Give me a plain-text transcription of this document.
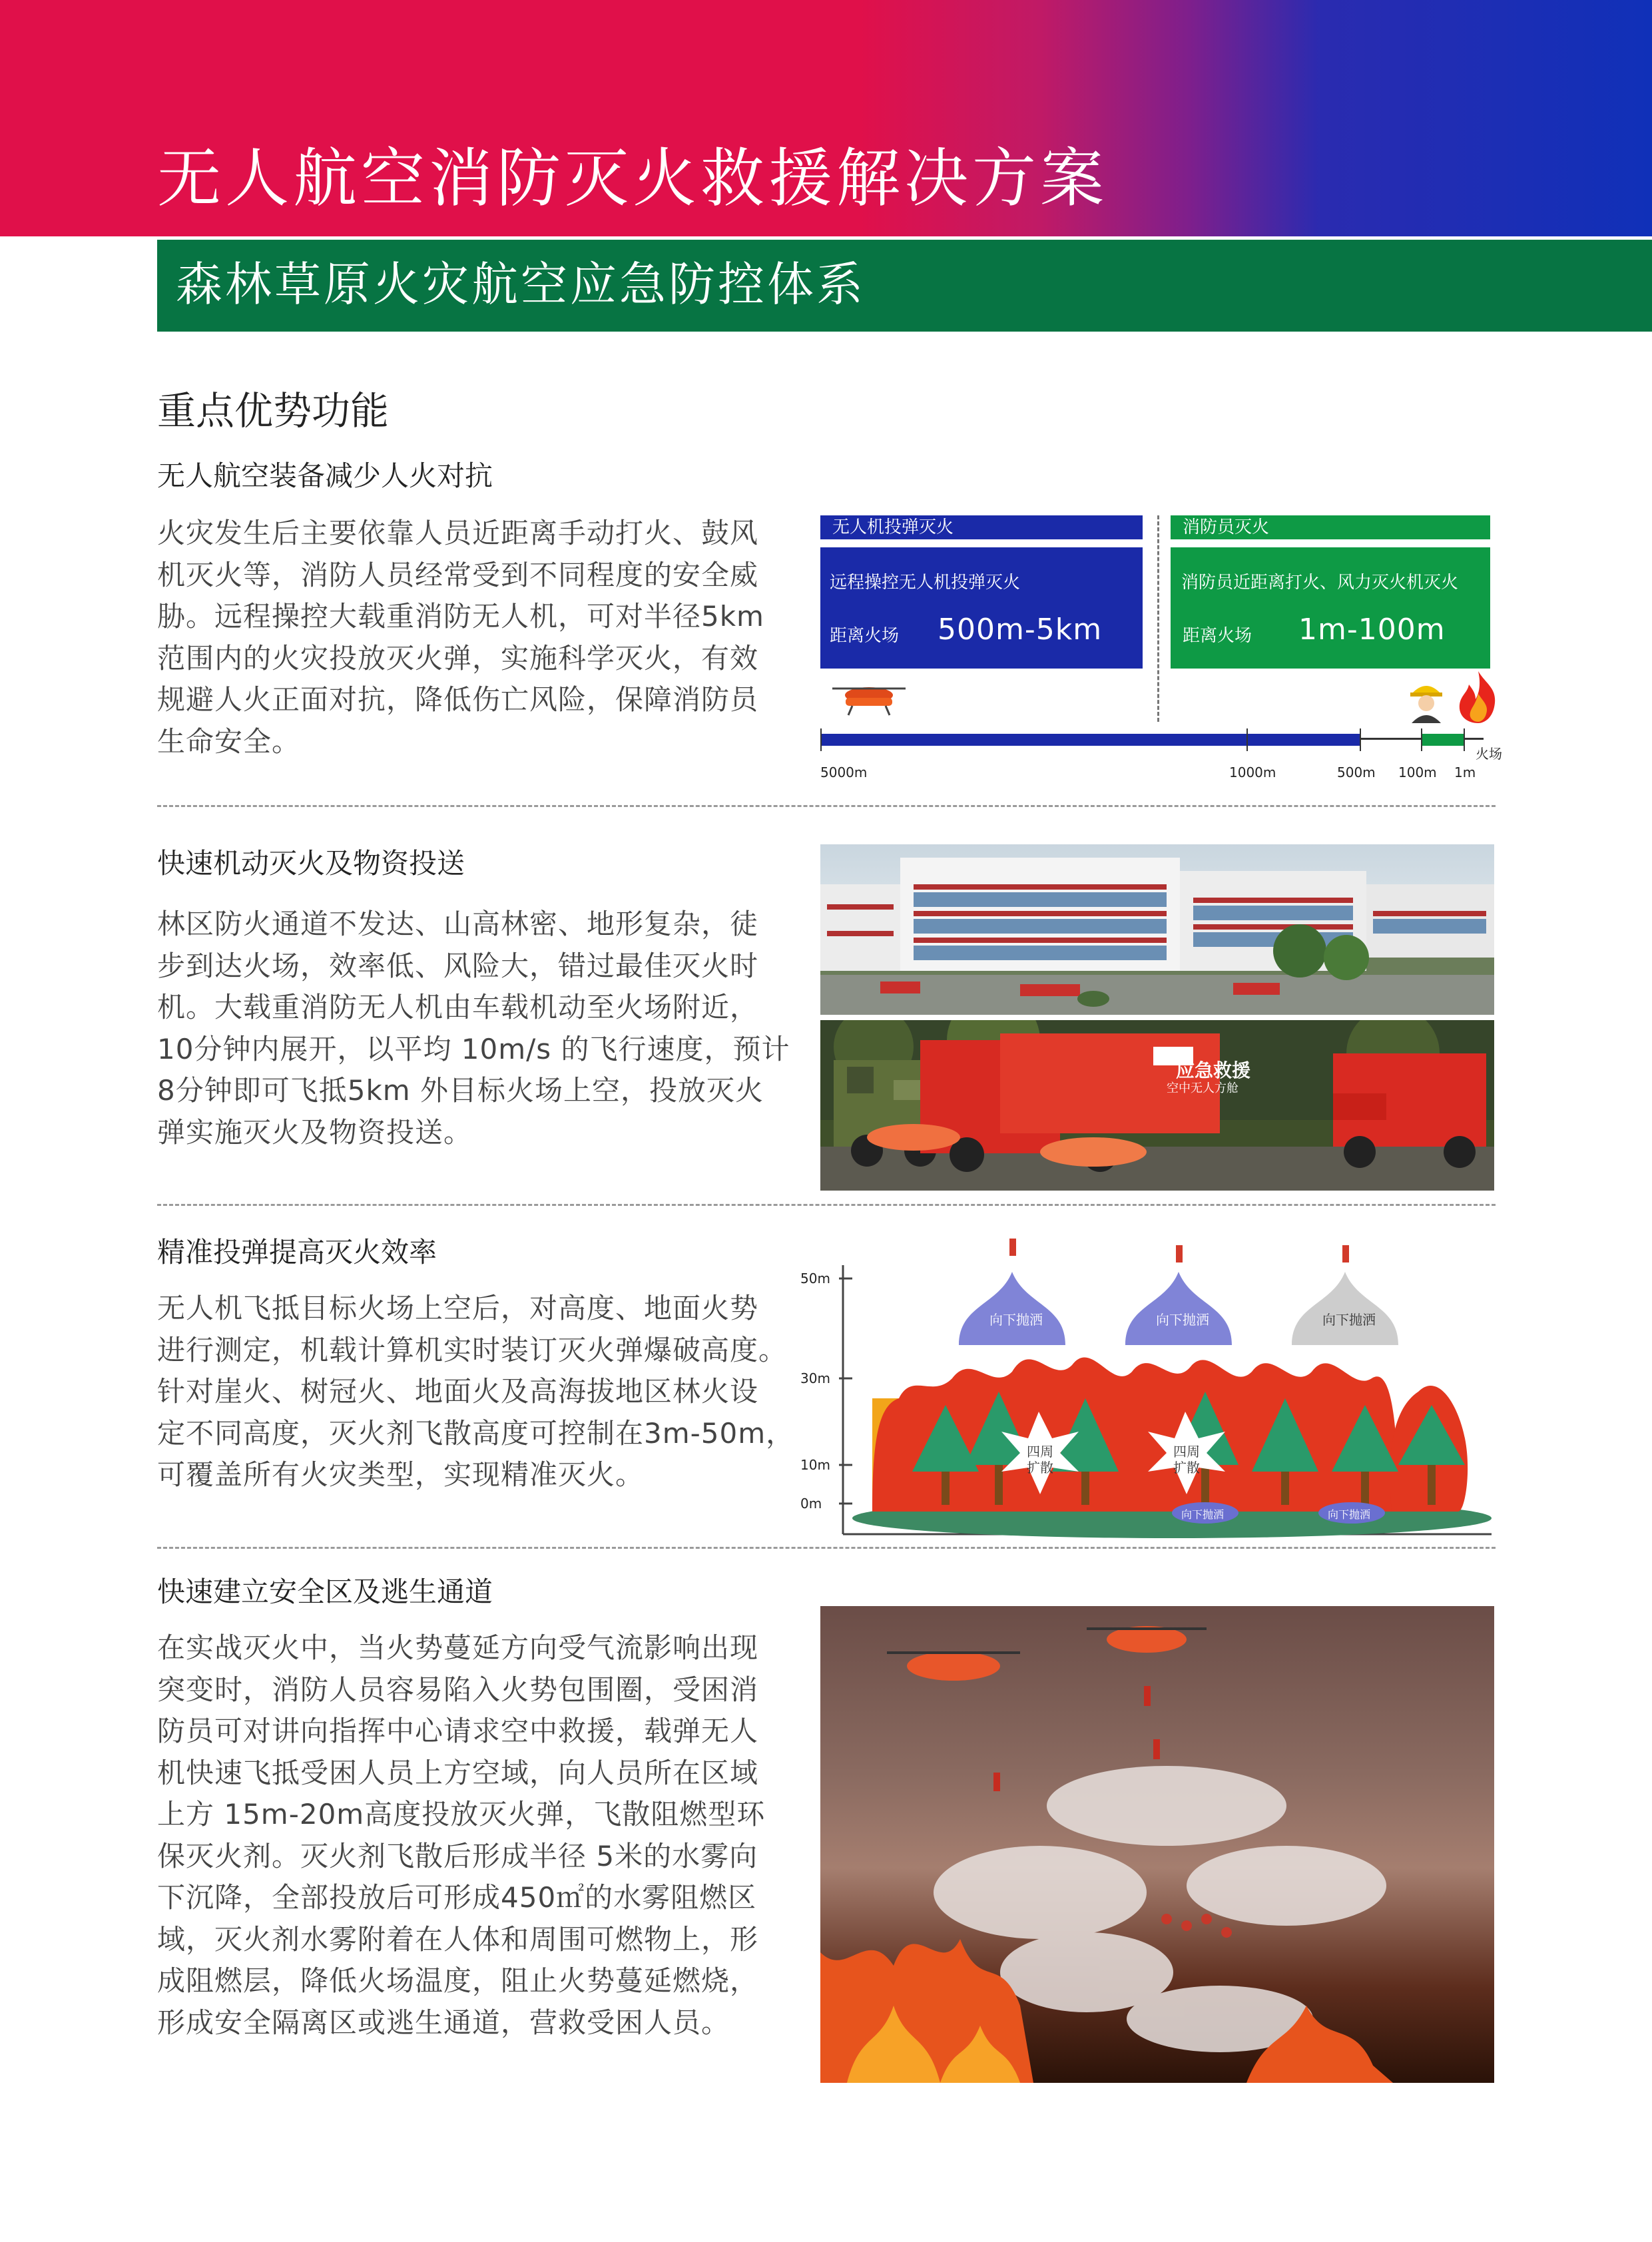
无人航空消防灭火救援解决方案
森林草原火灾航空应急防控体系
重点优势功能
无人航空装备减少人火对抗
火灾发生后主要依靠人员近距离手动打火、鼓风
机灭火等，消防人员经常受到不同程度的安全威
胁。远程操控大载重消防无人机，可对半径5km
范围内的火灾投放灭火弹，实施科学灭火，有效
规避人火正面对抗，降低伤亡风险，保障消防员
生命安全。
无人机投弹灭火
远程操控无人机投弹灭火
距离火场 500m-5km
消防员灭火
消防员近距离打火、风力灭火机灭火
距离火场 1m-100m
5000m	1000m	500m 100m 1m
火场
快速机动灭火及物资投送
林区防火通道不发达、山高林密、地形复杂，徒
步到达火场，效率低、风险大，错过最佳灭火时
机。大载重消防无人机由车载机动至火场附近，
10分钟内展开，以平均 10m/s 的飞行速度，预计
8分钟即可飞抵5km 外目标火场上空，投放灭火
弹实施灭火及物资投送。
应急救援
空中无人方舱
精准投弹提高灭火效率
无人机飞抵目标火场上空后，对高度、地面火势
进行测定，机载计算机实时装订灭火弹爆破高度。
针对崖火、树冠火、地面火及高海拔地区林火设
定不同高度，灭火剂飞散高度可控制在3m-50m，
可覆盖所有火灾类型，实现精准灭火。
50m
30m
10m
0m
向下抛洒	向下抛洒	向下抛洒
四周
扩散
四周
扩散
向下抛洒	向下抛洒
快速建立安全区及逃生通道
在实战灭火中，当火势蔓延方向受气流影响出现
突变时，消防人员容易陷入火势包围圈，受困消
防员可对讲向指挥中心请求空中救援，载弹无人
机快速飞抵受困人员上方空域，向人员所在区域
上方 15m-20m高度投放灭火弹，飞散阻燃型环
保灭火剂。灭火剂飞散后形成半径 5米的水雾向
下沉降，全部投放后可形成450㎡的水雾阻燃区
域，灭火剂水雾附着在人体和周围可燃物上，形
成阻燃层，降低火场温度，阻止火势蔓延燃烧，
形成安全隔离区或逃生通道，营救受困人员。
